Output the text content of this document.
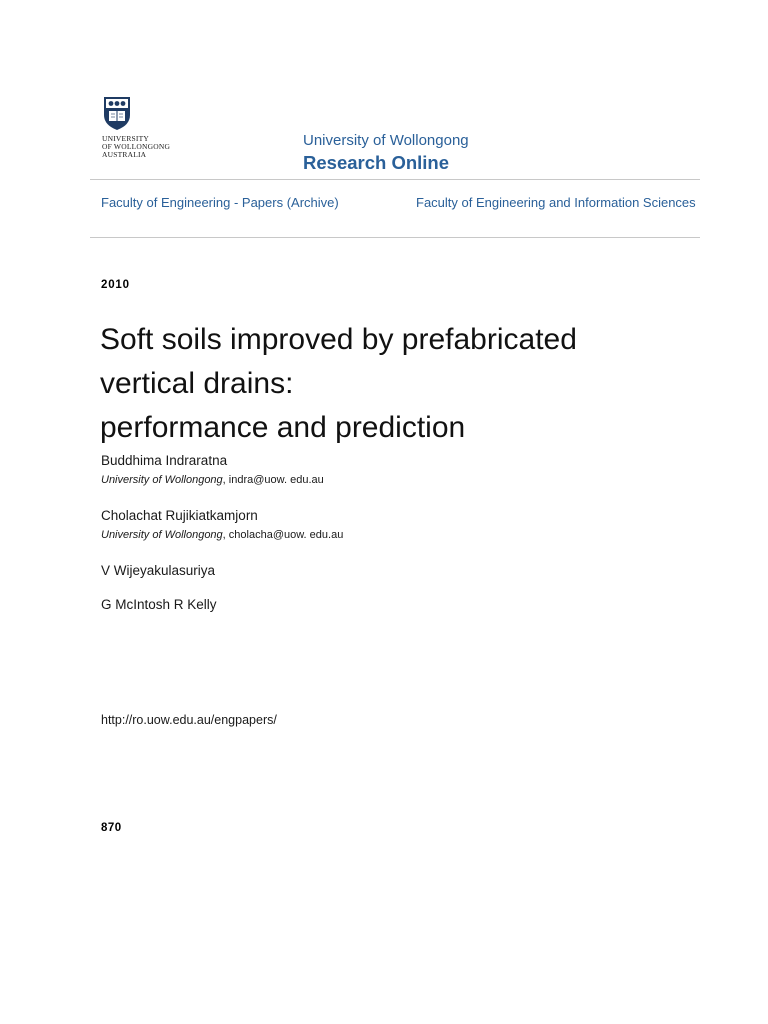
UNIVERSITY
OF WOLLONGONG
AUSTRALIA
University of Wollongong
Research Online
Faculty of Engineering - Papers (Archive)	Faculty of Engineering and Information Sciences
2010
Soft soils improved by prefabricated
vertical drains:
performance and prediction
Buddhima Indraratna
University of Wollongong, indra@uow. edu.au
Cholachat Rujikiatkamjorn
University of Wollongong, cholacha@uow. edu.au
V Wijeyakulasuriya
G McIntosh R Kelly
http://ro.uow.edu.au/engpapers/
870
